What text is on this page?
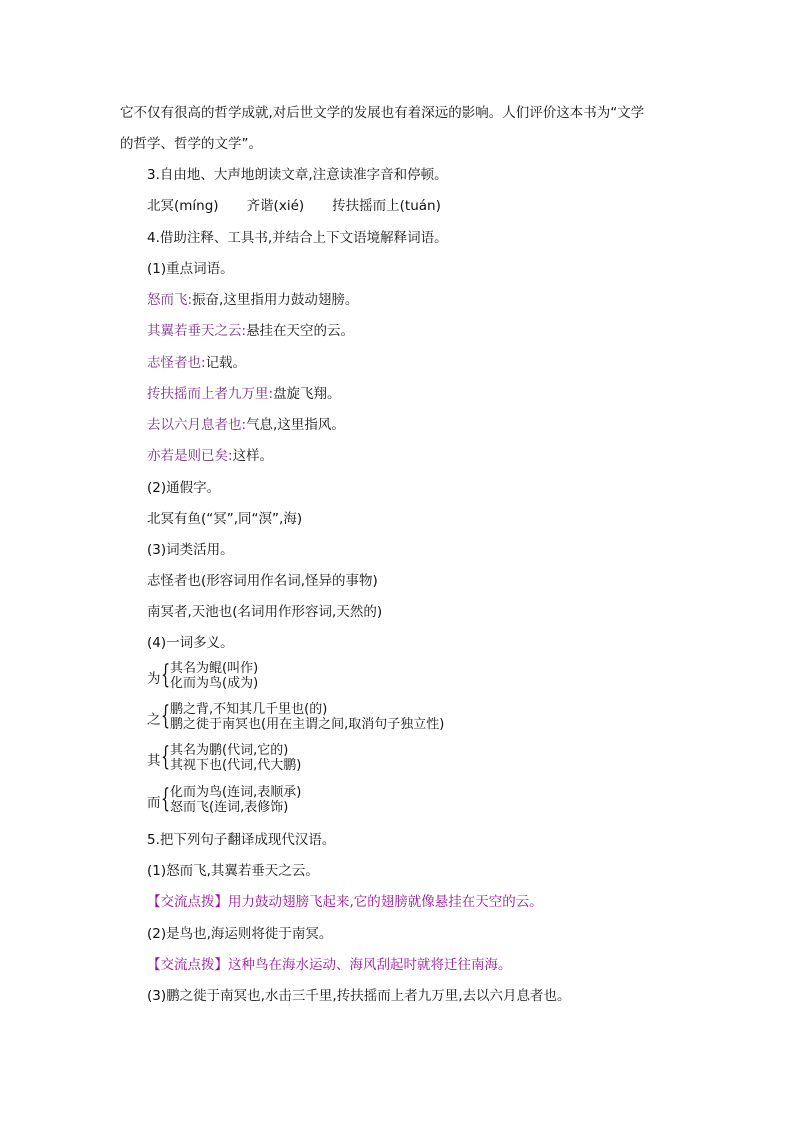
它不仅有很高的哲学成就,对后世文学的发展也有着深远的影响。人们评价这本书为“文学
的哲学、哲学的文学”。
3.自由地、大声地朗读文章,注意读准字音和停顿。
北冥(míng) 齐谐(xié) 抟扶摇而上(tuán)
4.借助注释、工具书,并结合上下文语境解释词语。
(1)重点词语。
怒而飞:振奋,这里指用力鼓动翅膀。
其翼若垂天之云:悬挂在天空的云。
志怪者也:记载。
抟扶摇而上者九万里:盘旋飞翔。
去以六月息者也:气息,这里指风。
亦若是则已矣:这样。
(2)通假字。
北冥有鱼(“冥”,同“溟”,海)
(3)词类活用。
志怪者也(形容词用作名词,怪异的事物)
南冥者,天池也(名词用作形容词,天然的)
(4)一词多义。
为 { 其名为鲲(叫作)
化而为鸟(成为)
之 { 鹏之背,不知其几千里也(的)
鹏之徙于南冥也(用在主谓之间,取消句子独立性)
其 { 其名为鹏(代词,它的)
其视下也(代词,代大鹏)
而 { 化而为鸟(连词,表顺承)
怒而飞(连词,表修饰)
5.把下列句子翻译成现代汉语。
(1)怒而飞,其翼若垂天之云。
【交流点拨】用力鼓动翅膀飞起来,它的翅膀就像悬挂在天空的云。
(2)是鸟也,海运则将徙于南冥。
【交流点拨】这种鸟在海水运动、海风刮起时就将迁往南海。
(3)鹏之徙于南冥也,水击三千里,抟扶摇而上者九万里,去以六月息者也。
